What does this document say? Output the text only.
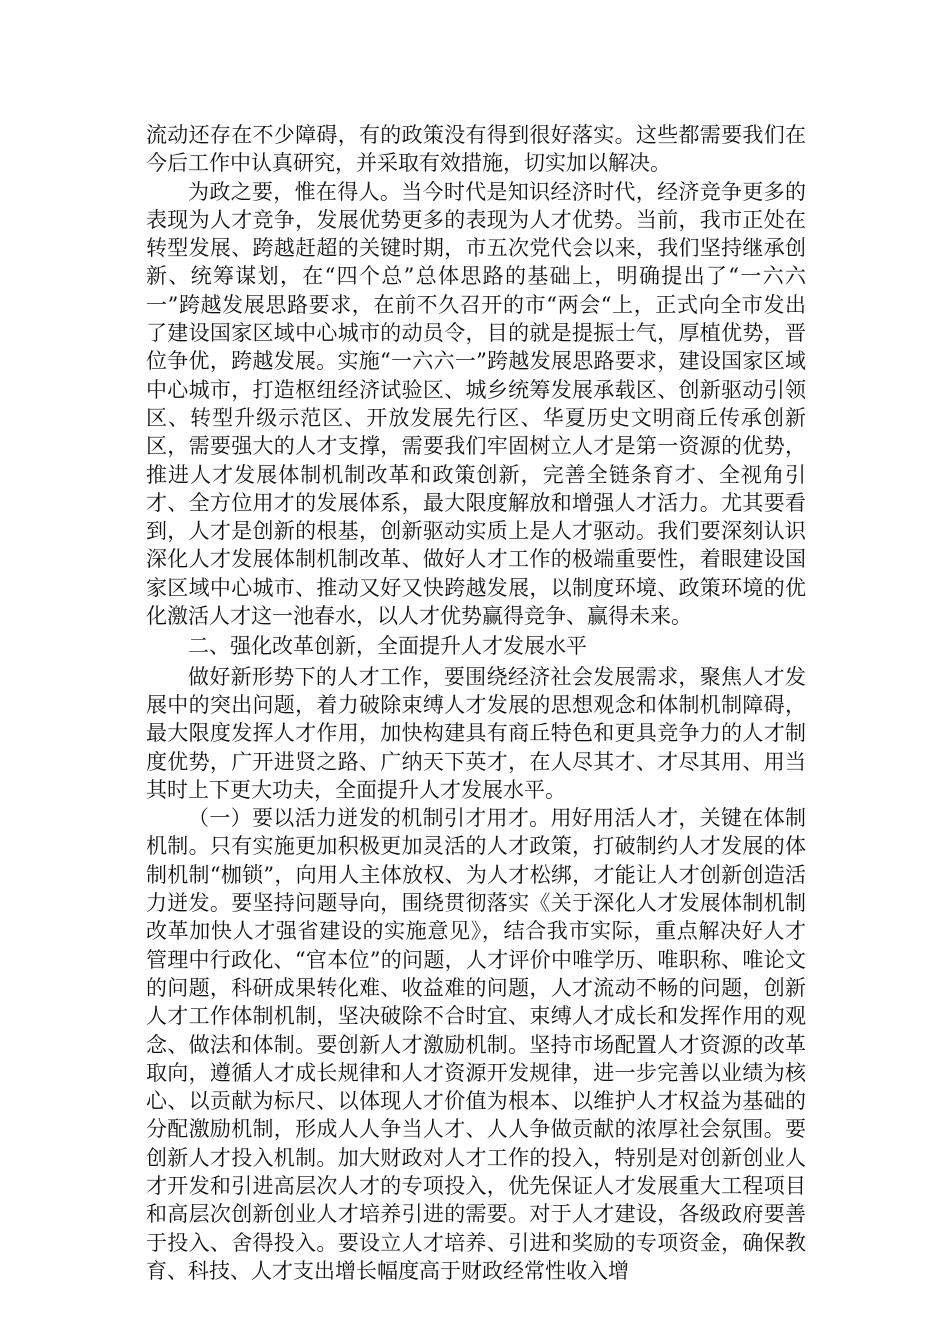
流动还存在不少障碍，有的政策没有得到很好落实。这些都需要我们在今后工作中认真研究，并采取有效措施，切实加以解决。

为政之要，惟在得人。当今时代是知识经济时代，经济竞争更多的表现为人才竞争，发展优势更多的表现为人才优势。当前，我市正处在转型发展、跨越赶超的关键时期，市五次党代会以来，我们坚持继承创新、统筹谋划，在“四个总”总体思路的基础上，明确提出了“一六六一”跨越发展思路要求，在前不久召开的市“两会“上，正式向全市发出了建设国家区域中心城市的动员令，目的就是提振士气，厚植优势，晋位争优，跨越发展。实施“一六六一”跨越发展思路要求，建设国家区域中心城市，打造枢纽经济试验区、城乡统筹发展承载区、创新驱动引领区、转型升级示范区、开放发展先行区、华夏历史文明商丘传承创新区，需要强大的人才支撑，需要我们牢固树立人才是第一资源的优势，推进人才发展体制机制改革和政策创新，完善全链条育才、全视角引才、全方位用才的发展体系，最大限度解放和增强人才活力。尤其要看到，人才是创新的根基，创新驱动实质上是人才驱动。我们要深刻认识深化人才发展体制机制改革、做好人才工作的极端重要性，着眼建设国家区域中心城市、推动又好又快跨越发展，以制度环境、政策环境的优化激活人才这一池春水，以人才优势赢得竞争、赢得未来。

二、强化改革创新，全面提升人才发展水平

做好新形势下的人才工作，要围绕经济社会发展需求，聚焦人才发展中的突出问题，着力破除束缚人才发展的思想观念和体制机制障碍，最大限度发挥人才作用，加快构建具有商丘特色和更具竞争力的人才制度优势，广开进贤之路、广纳天下英才，在人尽其才、才尽其用、用当其时上下更大功夫，全面提升人才发展水平。

（一）要以活力迸发的机制引才用才。用好用活人才，关键在体制机制。只有实施更加积极更加灵活的人才政策，打破制约人才发展的体制机制“枷锁”，向用人主体放权、为人才松绑，才能让人才创新创造活力迸发。要坚持问题导向，围绕贯彻落实《关于深化人才发展体制机制改革加快人才强省建设的实施意见》，结合我市实际，重点解决好人才管理中行政化、“官本位”的问题，人才评价中唯学历、唯职称、唯论文的问题，科研成果转化难、收益难的问题，人才流动不畅的问题，创新人才工作体制机制，坚决破除不合时宜、束缚人才成长和发挥作用的观念、做法和体制。要创新人才激励机制。坚持市场配置人才资源的改革取向，遵循人才成长规律和人才资源开发规律，进一步完善以业绩为核心、以贡献为标尺、以体现人才价值为根本、以维护人才权益为基础的分配激励机制，形成人人争当人才、人人争做贡献的浓厚社会氛围。要创新人才投入机制。加大财政对人才工作的投入，特别是对创新创业人才开发和引进高层次人才的专项投入，优先保证人才发展重大工程项目和高层次创新创业人才培养引进的需要。对于人才建设，各级政府要善于投入、舍得投入。要设立人才培养、引进和奖励的专项资金，确保教育、科技、人才支出增长幅度高于财政经常性收入增
